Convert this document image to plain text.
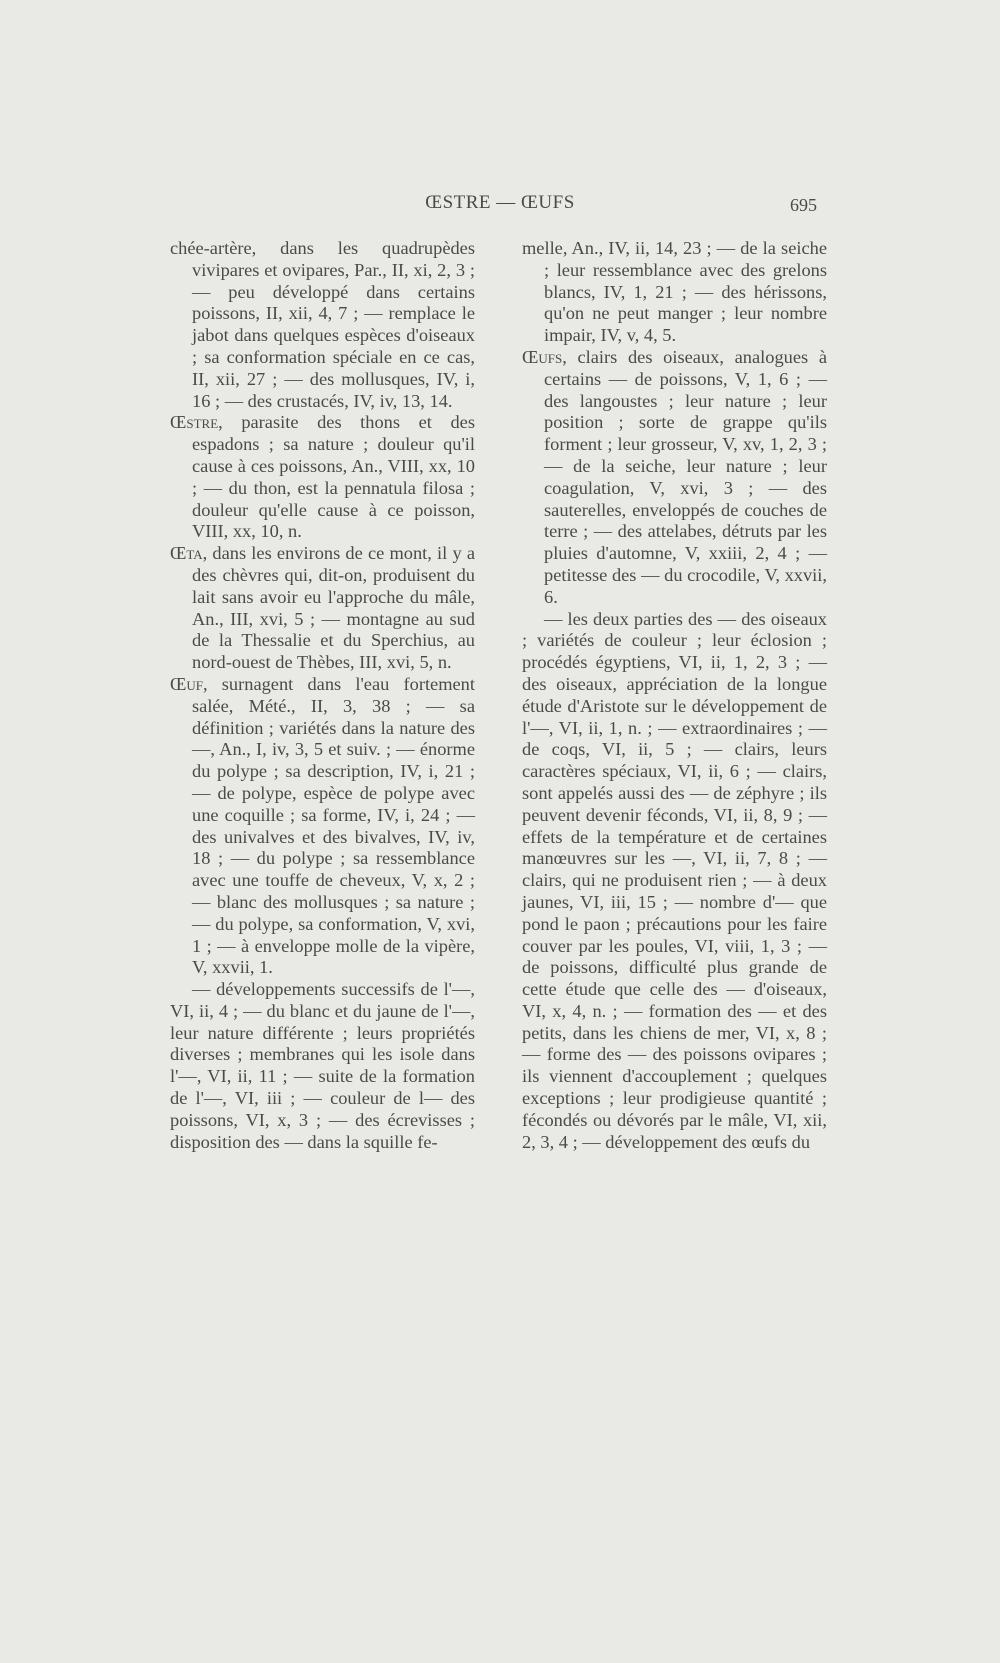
ŒSTRE — ŒUFS	695

chée-artère, dans les quadrupèdes vivipares et ovipares, Par., II, xi, 2, 3 ; — peu développé dans certains poissons, II, xii, 4, 7 ; — remplace le jabot dans quelques espèces d'oiseaux ; sa conformation spéciale en ce cas, II, xii, 27 ; — des mollusques, IV, i, 16 ; — des crustacés, IV, iv, 13, 14.

Œstre, parasite des thons et des espadons ; sa nature ; douleur qu'il cause à ces poissons, An., VIII, xx, 10 ; — du thon, est la pennatula filosa ; douleur qu'elle cause à ce poisson, VIII, xx, 10, n.

Œta, dans les environs de ce mont, il y a des chèvres qui, dit-on, produisent du lait sans avoir eu l'approche du mâle, An., III, xvi, 5 ; — montagne au sud de la Thessalie et du Sperchius, au nord-ouest de Thèbes, III, xvi, 5, n.

Œuf, surnagent dans l'eau fortement salée, Mété., II, 3, 38 ; — sa définition ; variétés dans la nature des —, An., I, iv, 3, 5 et suiv. ; — énorme du polype ; sa description, IV, i, 21 ; — de polype, espèce de polype avec une coquille ; sa forme, IV, i, 24 ; — des univalves et des bivalves, IV, iv, 18 ; — du polype ; sa ressemblance avec une touffe de cheveux, V, x, 2 ; — blanc des mollusques ; sa nature ; — du polype, sa conformation, V, xvi, 1 ; — à enveloppe molle de la vipère, V, xxvii, 1.

— développements successifs de l'—, VI, ii, 4 ; — du blanc et du jaune de l'—, leur nature différente ; leurs propriétés diverses ; membranes qui les isole dans l'—, VI, ii, 11 ; — suite de la formation de l'—, VI, iii ; — couleur de l— des poissons, VI, x, 3 ; — des écrevisses ; disposition des — dans la squille fe-

melle, An., IV, ii, 14, 23 ; — de la seiche ; leur ressemblance avec des grelons blancs, IV, 1, 21 ; — des hérissons, qu'on ne peut manger ; leur nombre impair, IV, v, 4, 5.

Œufs, clairs des oiseaux, analogues à certains — de poissons, V, 1, 6 ; — des langoustes ; leur nature ; leur position ; sorte de grappe qu'ils forment ; leur grosseur, V, xv, 1, 2, 3 ; — de la seiche, leur nature ; leur coagulation, V, xvi, 3 ; — des sauterelles, enveloppés de couches de terre ; — des attelabes, détruts par les pluies d'automne, V, xxiii, 2, 4 ; — petitesse des — du crocodile, V, xxvii, 6.

— les deux parties des — des oiseaux ; variétés de couleur ; leur éclosion ; procédés égyptiens, VI, ii, 1, 2, 3 ; — des oiseaux, appréciation de la longue étude d'Aristote sur le développement de l'—, VI, ii, 1, n. ; — extraordinaires ; — de coqs, VI, ii, 5 ; — clairs, leurs caractères spéciaux, VI, ii, 6 ; — clairs, sont appelés aussi des — de zéphyre ; ils peuvent devenir féconds, VI, ii, 8, 9 ; — effets de la température et de certaines manœuvres sur les —, VI, ii, 7, 8 ; — clairs, qui ne produisent rien ; — à deux jaunes, VI, iii, 15 ; — nombre d'— que pond le paon ; précautions pour les faire couver par les poules, VI, viii, 1, 3 ; — de poissons, difficulté plus grande de cette étude que celle des — d'oiseaux, VI, x, 4, n. ; — formation des — et des petits, dans les chiens de mer, VI, x, 8 ; — forme des — des poissons ovipares ; ils viennent d'accouplement ; quelques exceptions ; leur prodigieuse quantité ; fécondés ou dévorés par le mâle, VI, xii, 2, 3, 4 ; — développement des œufs du
